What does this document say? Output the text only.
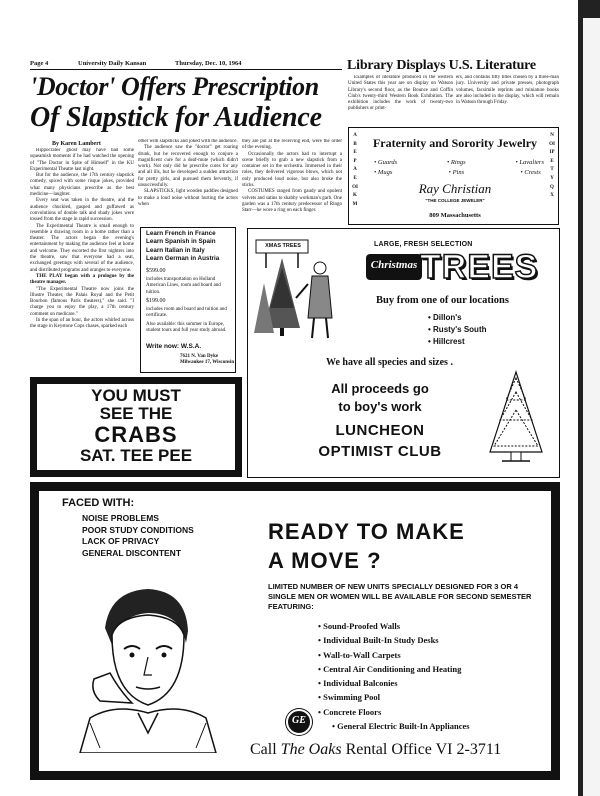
Page 4	University Daily Kansan	Thursday, Dec. 10, 1964
'Doctor' Offers Prescription
Of Slapstick for Audience
By Karen Lambert

Hippocrates' ghost may have had some squeamish moments if he had watched the opening of "The Doctor in Spite of Himself" in the KU Experimental Theatre last night.

But for the audience, the 17th century slapstick comedy, spiced with some risque jokes, provided what many physicians prescribe as the best medicine—laughter.

Every seat was taken in the theatre, and the audience chuckled, gasped and guffawed as convolutions of double talk and shady jokes were tossed from the stage in rapid succession.

The Experimental Theatre is small enough to resemble a drawing room in a home rather than a theater. The actors began the evening's entertainment by making the audience feel at home and welcome. They escorted the first nighters into the theatre, saw that everyone had a seat, exchanged greetings with several of the audience, and distributed programs and oranges to everyone.

THE PLAY began with a prologue by the theatre manager.

"The Experimental Theatre now joins the Illustre Theater, the Palais Royal and the Petit Bourbon (famous Paris theaters)," she said. "I charge you to enjoy the play, a 17th century comment on medicare."

In the span of an hour, the actors whirled across the stage in Keystone Cops chases, sparked each

other with slapsticks and joked with the audience.

The audience saw the "doctor" get roaring drunk, but he recovered enough to conjure a magnificent cure for a deaf-mute (which didn't work). Not only did he prescribe cures for any and all ills, but he developed a sudden attraction for pretty girls, and pursued them fervently, if unsuccessfully.

SLAPSTICKS, light wooden paddles designed to make a loud noise without hurting the actors when

they are put at the receiving end, were the order of the evening.

Occasionally the actors had to interrupt a scene briefly to grab a new slapstick from a container set in the orchestra. Immersed in their roles, they delivered vigorous blows, which not only produced loud noise, but also broke the sticks.

COSTUMES ranged from gaudy and opulent velvets and satins to shabby workman's garb. One garden was a 17th century predecessor of Ringo Starr—he wore a ring on each finger.

Library Displays U.S. Literature
Examples of literature produced in the western United States this year are on display on Watson Library's second floor, as the Bounce and Coffin Club's twenty-third Western Book Exhibition. The exhibition includes the work of twenty-two publishers or print-
ers, and contains fifty titles chosen by a three-man jury. University and private presses, photograph volumes, facsimile reprints and miniature books are also included in the display, which will remain in Watson through Friday.
ABEPAEOIKM
NOIIPETYQX
Fraternity and Sorority Jewelry
• Guards	• Rings	• Lavaliers
• Mugs	• Pins	• Crests
Ray Christian
"THE COLLEGE JEWELER"
809 Massachusetts
Learn French in France
Learn Spanish in Spain
Learn Italian in Italy
Learn German in Austria
$599.00
includes transportation on Holland American Lines, room and board and tuition.
$199.00
includes room and board and tuition and certificate.
Also available: this summer in Europe, student tours and full year study abroad.
Write now: W.S.A.
7621 N. Van Dyke Milwaukee 17, Wisconsin
XMAS TREES	LARGE, FRESH SELECTION
Christmas TREES
Buy from one of our locations
• Dillon's
• Rusty's South
• Hillcrest
We have all species and sizes .
All proceeds go
to boy's work
LUNCHEON
OPTIMIST CLUB
YOU MUST
SEE THE
CRABS
SAT. TEE PEE
FACED WITH:
NOISE PROBLEMS
POOR STUDY CONDITIONS
LACK OF PRIVACY
GENERAL DISCONTENT
READY TO MAKE
A MOVE ?
LIMITED NUMBER OF NEW UNITS SPECIALLY DESIGNED FOR 3 OR 4 SINGLE MEN OR WOMEN WILL BE AVAILABLE FOR SECOND SEMESTER FEATURING:
• Sound-Proofed Walls
• Individual Built-In Study Desks
• Wall-to-Wall Carpets
• Central Air Conditioning and Heating
• Individual Balconies
• Swimming Pool
• Concrete Floors
• General Electric Built-In Appliances
GE
Call The Oaks Rental Office VI 2-3711
